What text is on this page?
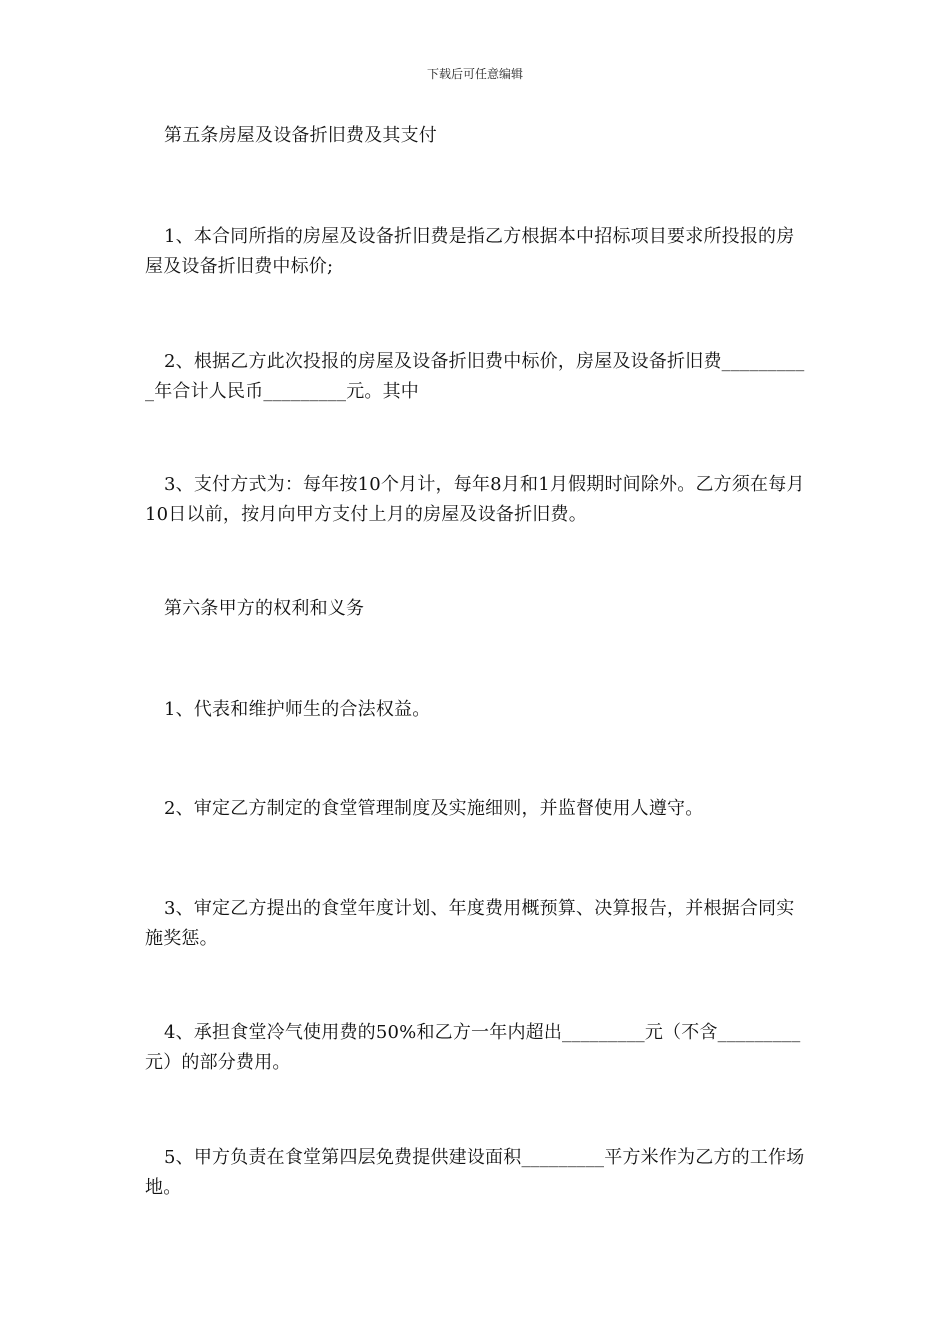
下载后可任意编辑
第五条房屋及设备折旧费及其支付
1、本合同所指的房屋及设备折旧费是指乙方根据本中招标项目要求所投报的房屋及设备折旧费中标价;
2、根据乙方此次投报的房屋及设备折旧费中标价，房屋及设备折旧费__________年合计人民币_________元。其中
3、支付方式为：每年按10个月计，每年8月和1月假期时间除外。乙方须在每月10日以前，按月向甲方支付上月的房屋及设备折旧费。
第六条甲方的权利和义务
1、代表和维护师生的合法权益。
2、审定乙方制定的食堂管理制度及实施细则，并监督使用人遵守。
3、审定乙方提出的食堂年度计划、年度费用概预算、决算报告，并根据合同实施奖惩。
4、承担食堂冷气使用费的50%和乙方一年内超出_________元（不含_________元）的部分费用。
5、甲方负责在食堂第四层免费提供建设面积_________平方米作为乙方的工作场地。
